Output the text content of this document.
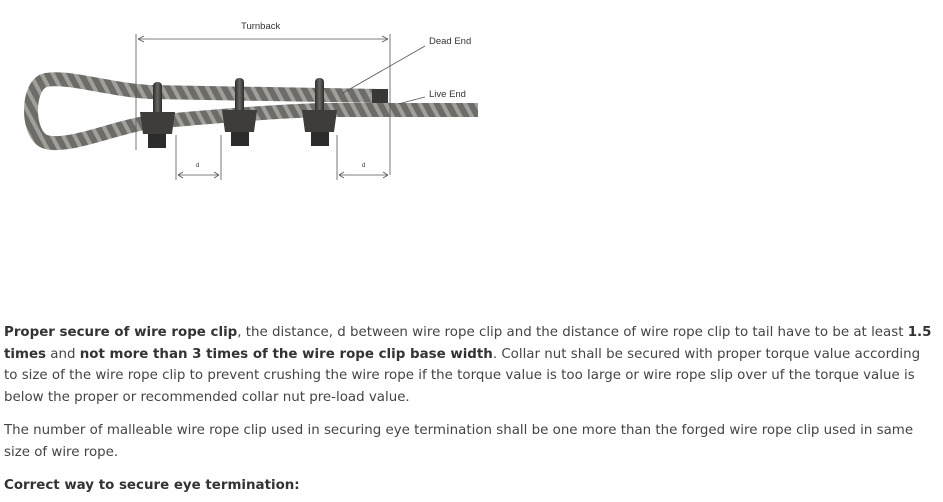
Turnback
Dead End
Live End
d	d

Proper secure of wire rope clip, the distance, d between wire rope clip and the distance of wire rope clip to tail have to be at least 1.5 times and not more than 3 times of the wire rope clip base width. Collar nut shall be secured with proper torque value according to size of the wire rope clip to prevent crushing the wire rope if the torque value is too large or wire rope slip over uf the torque value is below the proper or recommended collar nut pre-load value.

The number of malleable wire rope clip used in securing eye termination shall be one more than the forged wire rope clip used in same size of wire rope.

Correct way to secure eye termination:
